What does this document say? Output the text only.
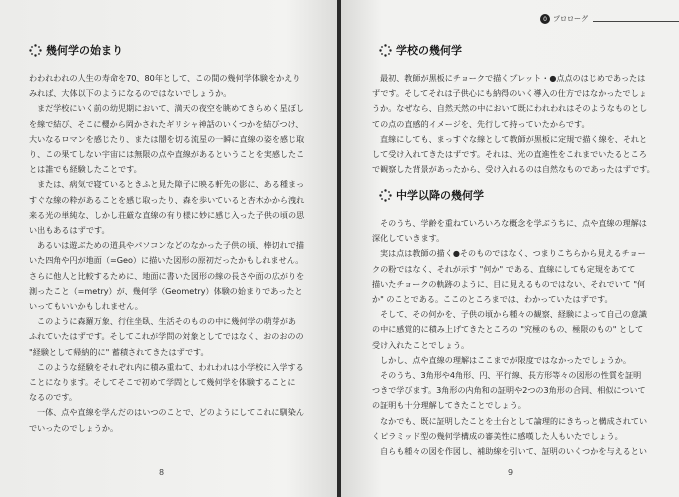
幾何学の始まり

わわれわれの人生の寿命を70、80年として、この間の幾何学体験をかえり

みれば、大体以下のようになるのではないでしょうか。

まだ学校にいく前の幼児期において、満天の夜空を眺めてきらめく星ぼし

を線で結び、そこに櫻から岡かされたギリシャ神話のいくつかを結びつけ、

大いなるロマンを感じたり、または闇を切る流星の一瞬に直線の姿を感じ取

り、この果てしない宇宙には無限の点や直線があるということを実感したこ

とは誰でも経験したことです。

または、病気で寝ているときふと見た障子に映る軒先の影に、ある種まっ

すぐな線の粋があることを感じ取ったり、森を歩いていると杏木かから洩れ

来る光の単純な、しかし荘厳な直線の有り様に妙に感じ入った子供の頃の思

い出もあるはずです。

あるいは遊ぶための道具やパソコンなどのなかった子供の頃、棒切れで描

いた四角や円が地面（=Geo）に描いた図形の原初だったかもしれません。

さらに他人と比較するために、地面に書いた図形の線の長さや面の広がりを

測ったこと（=metry）が、幾何学（Geometry）体験の始まりであったと

いってもいいかもしれません。

このように森羅万象、行住坐臥、生活そのものの中に幾何学の萌芽があ

ふれていたはずです。そしてこれが学問の対象としてではなく、おのおのの

"経験として帰納的に" 蓄積されてきたはずです。

このような経験をそれぞれ内に積み重ねて、われわれは小学校に入学する

ことになります。そしてそこで初めて学問として幾何学を体験することに

なるのです。

一体、点や直線を学んだのはいつのことで、どのようにしてこれに馴染ん

でいったのでしょうか。

8
0 プロローグ
学校の幾何学

最初、教師が黒板にチョークで描くプレット・●点点のはじめであったは

ずです。そしてそれは子供心にも納得のいく導入の仕方ではなかったでしょ

うか。なぜなら、自然天然の中において既にわれわれはそのようなものとし

ての点の直感的イメージを、先行して持っていたからです。

直線にしても、まっすぐな線として教師が黒板に定規で描く線を、それと

して受け入れてきたはずです。それは、光の直進性をこれまでいたるところ

で観察した背景があったから、受け入れるのは自然なものであったはずです。

中学以降の幾何学

そのうち、学齢を重ねていろいろな概念を学ぶうちに、点や直線の理解は

深化していきます。

実は点は教師の描く●そのものではなく、つまりこちらから見えるチョー

クの粉ではなく、それが示す "何か" である、直線にしても定規をあてて

描いたチョークの軌跡のように、目に見えるものではない、それでいて "何

か" のことである。ここのところまでは、わかっていたはずです。

そして、その何かを、子供の頃から種々の観察、経験によって自己の意識

の中に感覚的に積み上げてきたところの "究極のもの、極限のもの" として

受け入れたことでしょう。

しかし、点や直線の理解はここまでが限度ではなかったでしょうか。

そのうち、3角形や4角形、円、平行線、長方形等々の図形の性質を証明

つきで学びます。3角形の内角和の証明や2つの3角形の合同、相似について

の証明も十分理解してきたことでしょう。

なかでも、既に証明したことを土台として論理的にきちっと構成されてい

くピラミッド型の幾何学構成の審美性に感嘆した人もいたでしょう。

自らも種々の図を作図し、補助線を引いて、証明のいくつかを与えるとい

9
